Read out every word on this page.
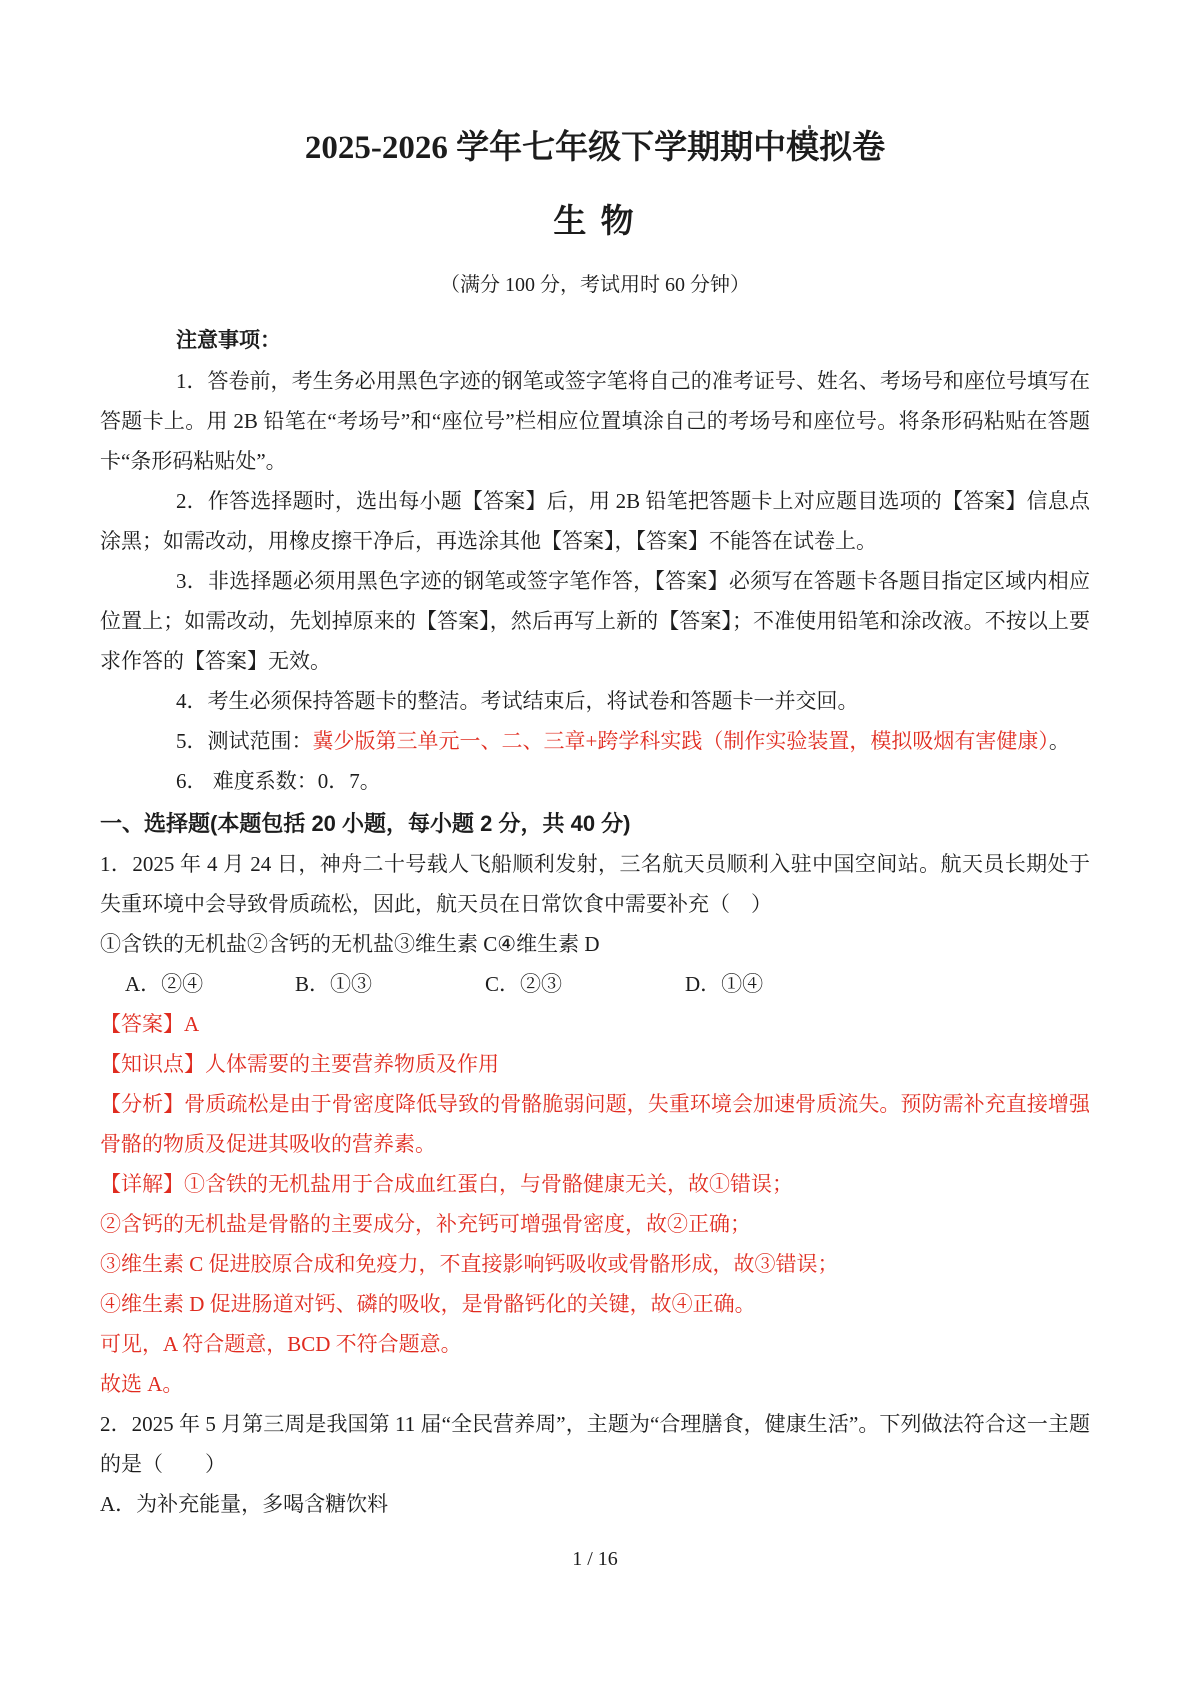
2025-2026 学年七年级下学期期中模拟卷
生 物
（满分 100 分，考试用时 60 分钟）

注意事项：

1．答卷前，考生务必用黑色字迹的钢笔或签字笔将自己的准考证号、姓名、考场号和座位号填写在答题卡上。用 2B 铅笔在“考场号”和“座位号”栏相应位置填涂自己的考场号和座位号。将条形码粘贴在答题卡“条形码粘贴处”。

2．作答选择题时，选出每小题【答案】后，用 2B 铅笔把答题卡上对应题目选项的【答案】信息点涂黑；如需改动，用橡皮擦干净后，再选涂其他【答案】，【答案】不能答在试卷上。

3．非选择题必须用黑色字迹的钢笔或签字笔作答，【答案】必须写在答题卡各题目指定区域内相应位置上；如需改动，先划掉原来的【答案】，然后再写上新的【答案】；不准使用铅笔和涂改液。不按以上要求作答的【答案】无效。

4．考生必须保持答题卡的整洁。考试结束后，将试卷和答题卡一并交回。

5．测试范围：冀少版第三单元一、二、三章+跨学科实践（制作实验装置，模拟吸烟有害健康）。

6． 难度系数：0．7。

一、选择题(本题包括 20 小题，每小题 2 分，共 40 分)

1．2025 年 4 月 24 日，神舟二十号载人飞船顺利发射，三名航天员顺利入驻中国空间站。航天员长期处于失重环境中会导致骨质疏松，因此，航天员在日常饮食中需要补充（　）

①含铁的无机盐②含钙的无机盐③维生素 C④维生素 D

A．②④	B．①③	C．②③	D．①④

【答案】A

【知识点】人体需要的主要营养物质及作用

【分析】骨质疏松是由于骨密度降低导致的骨骼脆弱问题，失重环境会加速骨质流失。预防需补充直接增强骨骼的物质及促进其吸收的营养素。

【详解】①含铁的无机盐用于合成血红蛋白，与骨骼健康无关，故①错误；

②含钙的无机盐是骨骼的主要成分，补充钙可增强骨密度，故②正确；

③维生素 C 促进胶原合成和免疫力，不直接影响钙吸收或骨骼形成，故③错误；

④维生素 D 促进肠道对钙、磷的吸收，是骨骼钙化的关键，故④正确。

可见，A 符合题意，BCD 不符合题意。

故选 A。

2．2025 年 5 月第三周是我国第 11 届“全民营养周”，主题为“合理膳食，健康生活”。下列做法符合这一主题的是（　　）

A．为补充能量，多喝含糖饮料

1 / 16
